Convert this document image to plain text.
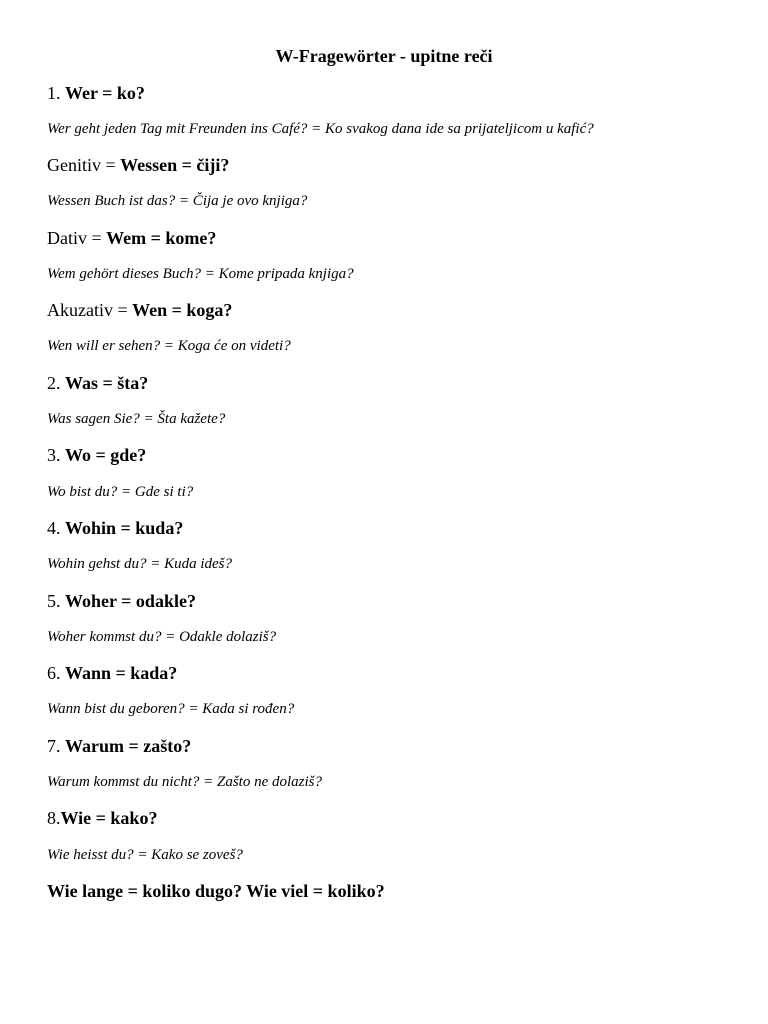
W-Fragewörter - upitne reči
1. Wer = ko?
Wer geht jeden Tag mit Freunden ins Café? = Ko svakog dana ide sa prijateljicom u kafić?
Genitiv = Wessen = čiji?
Wessen Buch ist das? = Čija je ovo knjiga?
Dativ = Wem = kome?
Wem gehört dieses Buch? = Kome pripada knjiga?
Akuzativ = Wen = koga?
Wen will er sehen? = Koga će on videti?
2. Was = šta?
Was sagen Sie? = Šta kažete?
3. Wo = gde?
Wo bist du? = Gde si ti?
4. Wohin = kuda?
Wohin gehst du? = Kuda ideš?
5. Woher = odakle?
Woher kommst du? = Odakle dolaziš?
6. Wann = kada?
Wann bist du geboren? = Kada si rođen?
7. Warum = zašto?
Warum kommst du nicht? = Zašto ne dolaziš?
8.Wie = kako?
Wie heisst du? = Kako se zoveš?
Wie lange = koliko dugo? Wie viel = koliko?
